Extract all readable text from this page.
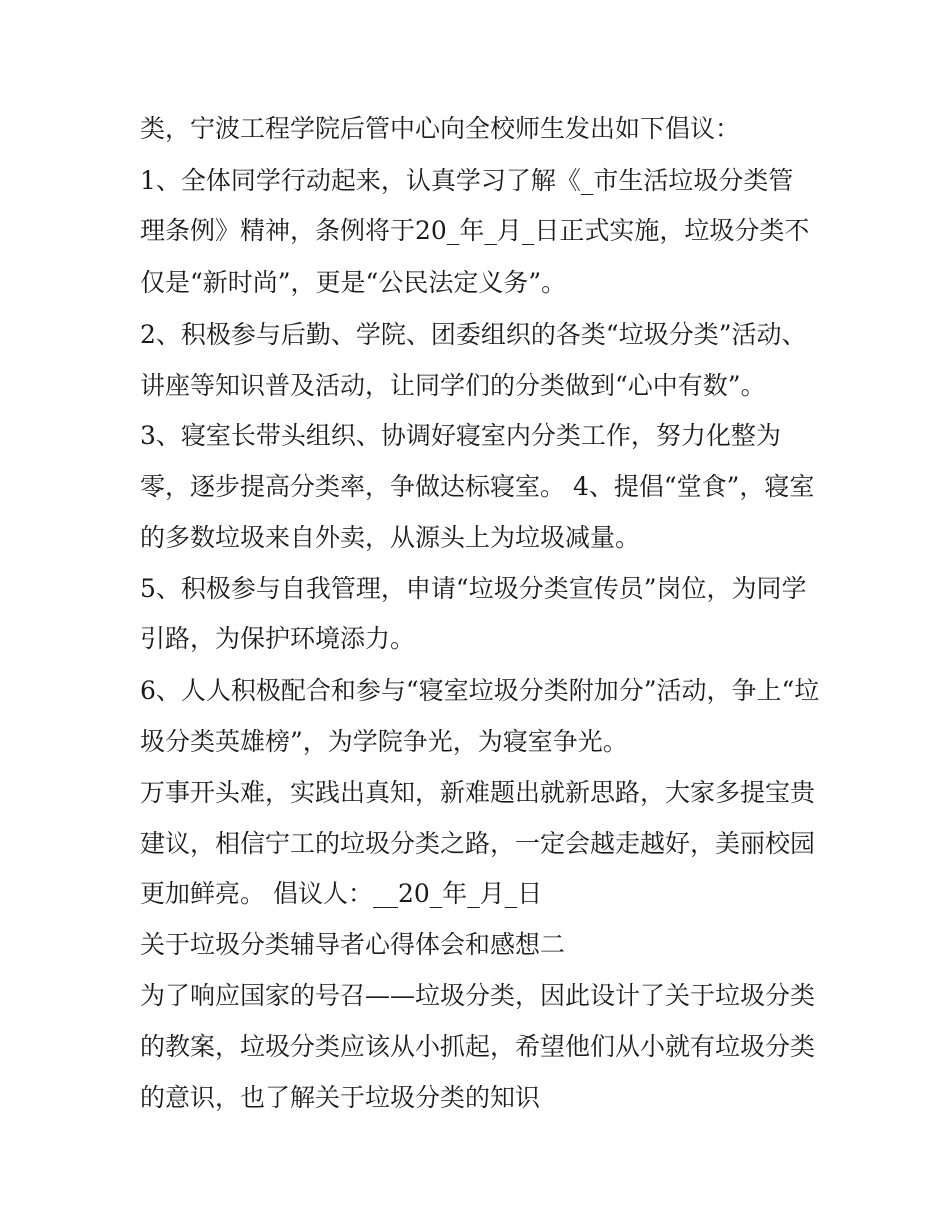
类，宁波工程学院后管中心向全校师生发出如下倡议：
1、全体同学行动起来，认真学习了解《_市生活垃圾分类管
理条例》精神，条例将于20_年_月_日正式实施，垃圾分类不
仅是“新时尚”，更是“公民法定义务”。
2、积极参与后勤、学院、团委组织的各类“垃圾分类”活动、
讲座等知识普及活动，让同学们的分类做到“心中有数”。
3、寝室长带头组织、协调好寝室内分类工作，努力化整为
零，逐步提高分类率，争做达标寝室。 4、提倡“堂食”，寝室
的多数垃圾来自外卖，从源头上为垃圾减量。
5、积极参与自我管理，申请“垃圾分类宣传员”岗位，为同学
引路，为保护环境添力。
6、人人积极配合和参与“寝室垃圾分类附加分”活动，争上“垃
圾分类英雄榜”，为学院争光，为寝室争光。
万事开头难，实践出真知，新难题出就新思路，大家多提宝贵
建议，相信宁工的垃圾分类之路，一定会越走越好，美丽校园
更加鲜亮。 倡议人：__20_年_月_日
关于垃圾分类辅导者心得体会和感想二
为了响应国家的号召——垃圾分类，因此设计了关于垃圾分类
的教案，垃圾分类应该从小抓起，希望他们从小就有垃圾分类
的意识，也了解关于垃圾分类的知识
